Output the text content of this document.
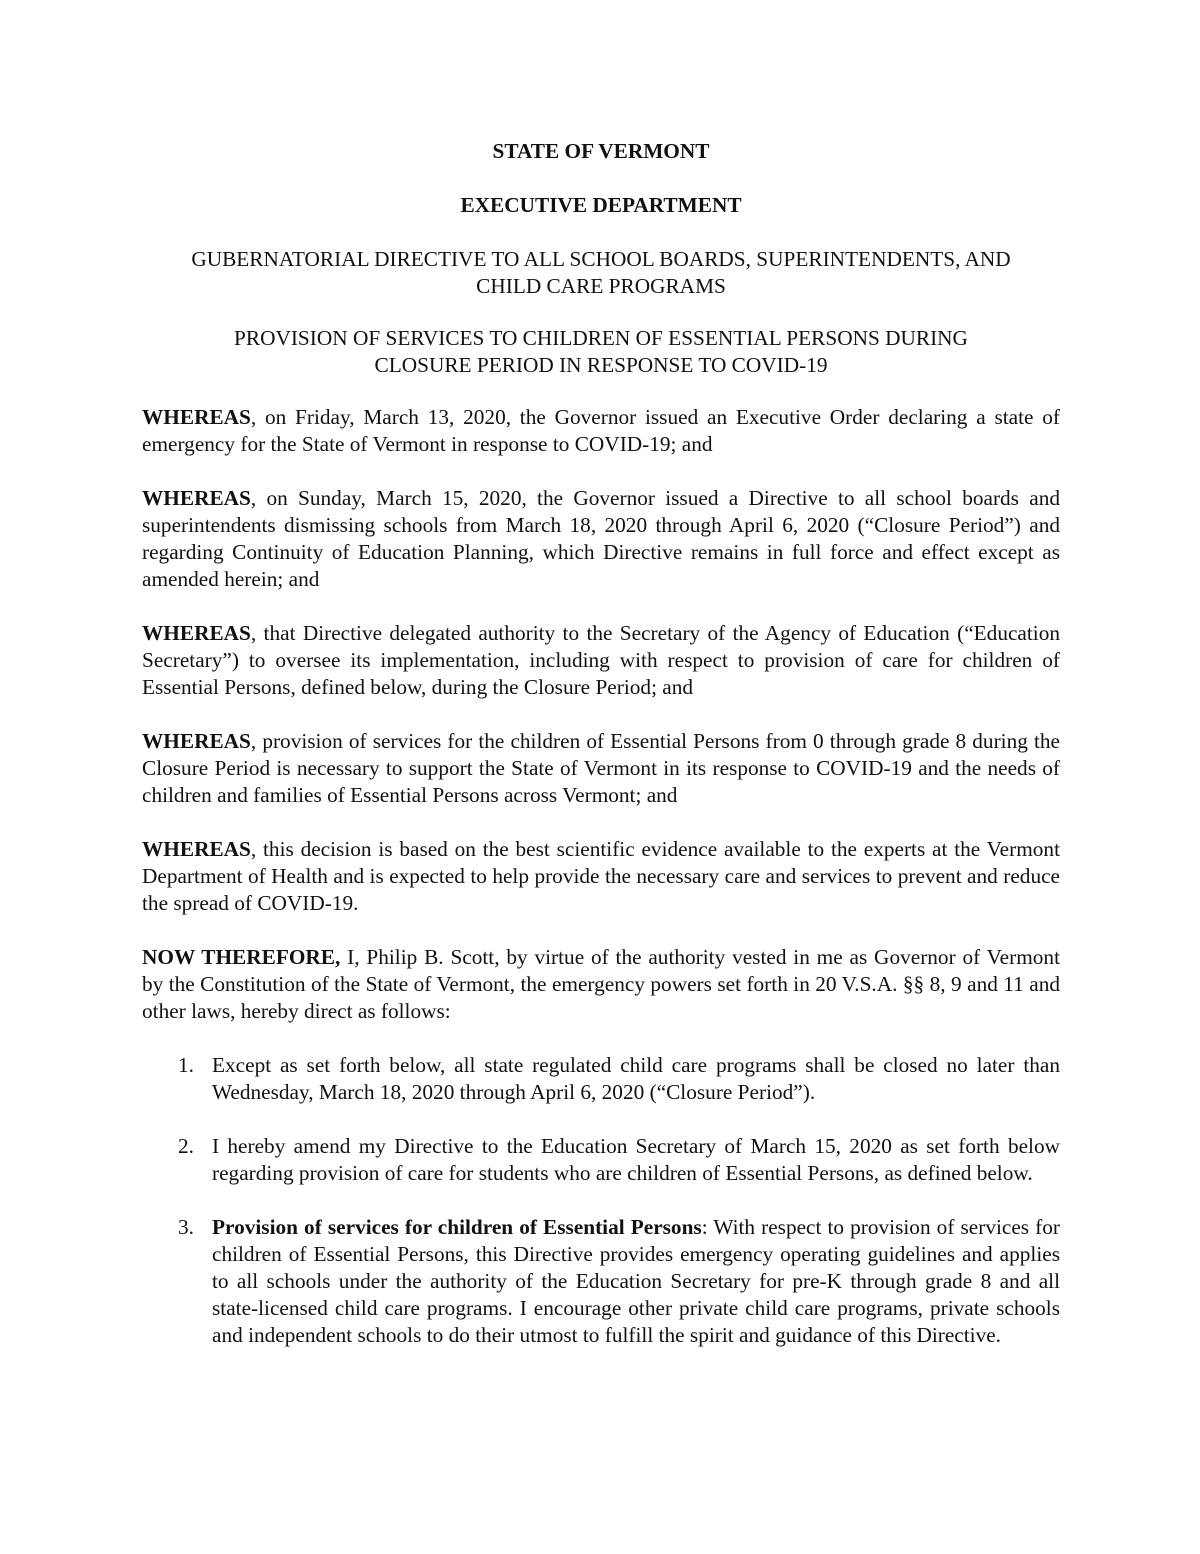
STATE OF VERMONT
EXECUTIVE DEPARTMENT
GUBERNATORIAL DIRECTIVE TO ALL SCHOOL BOARDS, SUPERINTENDENTS, AND
CHILD CARE PROGRAMS
PROVISION OF SERVICES TO CHILDREN OF ESSENTIAL PERSONS DURING
CLOSURE PERIOD IN RESPONSE TO COVID-19

WHEREAS, on Friday, March 13, 2020, the Governor issued an Executive Order declaring a state of emergency for the State of Vermont in response to COVID-19; and

WHEREAS, on Sunday, March 15, 2020, the Governor issued a Directive to all school boards and superintendents dismissing schools from March 18, 2020 through April 6, 2020 (“Closure Period”) and regarding Continuity of Education Planning, which Directive remains in full force and effect except as amended herein; and

WHEREAS, that Directive delegated authority to the Secretary of the Agency of Education (“Education Secretary”) to oversee its implementation, including with respect to provision of care for children of Essential Persons, defined below, during the Closure Period; and

WHEREAS, provision of services for the children of Essential Persons from 0 through grade 8 during the Closure Period is necessary to support the State of Vermont in its response to COVID-19 and the needs of children and families of Essential Persons across Vermont; and

WHEREAS, this decision is based on the best scientific evidence available to the experts at the Vermont Department of Health and is expected to help provide the necessary care and services to prevent and reduce the spread of COVID-19.

NOW THEREFORE, I, Philip B. Scott, by virtue of the authority vested in me as Governor of Vermont by the Constitution of the State of Vermont, the emergency powers set forth in 20 V.S.A. §§ 8, 9 and 11 and other laws, hereby direct as follows:

1. Except as set forth below, all state regulated child care programs shall be closed no later than Wednesday, March 18, 2020 through April 6, 2020 (“Closure Period”).
2. I hereby amend my Directive to the Education Secretary of March 15, 2020 as set forth below regarding provision of care for students who are children of Essential Persons, as defined below.
3. Provision of services for children of Essential Persons: With respect to provision of services for children of Essential Persons, this Directive provides emergency operating guidelines and applies to all schools under the authority of the Education Secretary for pre-K through grade 8 and all state-licensed child care programs. I encourage other private child care programs, private schools and independent schools to do their utmost to fulfill the spirit and guidance of this Directive.
